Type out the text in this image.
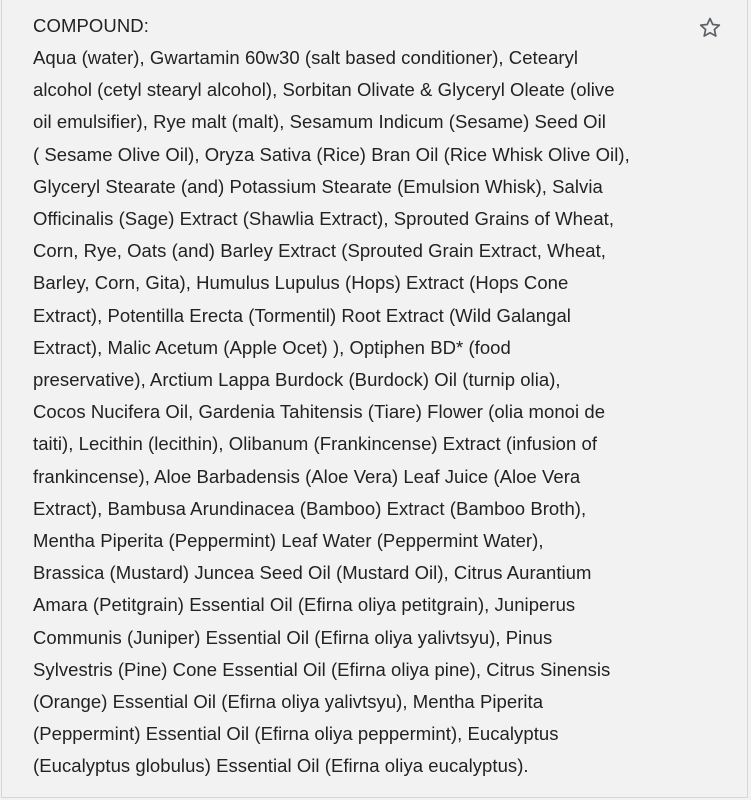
COMPOUND:

Aqua (water), Gwartamin 60w30 (salt based conditioner), Cetearyl
alcohol (cetyl stearyl alcohol), Sorbitan Olivate & Glyceryl Oleate (olive
oil emulsifier), Rye malt (malt), Sesamum Indicum (Sesame) Seed Oil
( Sesame Olive Oil), Oryza Sativa (Rice) Bran Oil (Rice Whisk Olive Oil),
Glyceryl Stearate (and) Potassium Stearate (Emulsion Whisk), Salvia
Officinalis (Sage) Extract (Shawlia Extract), Sprouted Grains of Wheat,
Corn, Rye, Oats (and) Barley Extract (Sprouted Grain Extract, Wheat,
Barley, Corn, Gita), Humulus Lupulus (Hops) Extract (Hops Cone
Extract), Potentilla Erecta (Tormentil) Root Extract (Wild Galangal
Extract), Malic Acetum (Apple Ocet) ), Optiphen BD* (food
preservative), Arctium Lappa Burdock (Burdock) Oil (turnip olia),
Cocos Nucifera Oil, Gardenia Tahitensis (Tiare) Flower (olia monoi de
taiti), Lecithin (lecithin), Olibanum (Frankincense) Extract (infusion of
frankincense), Aloe Barbadensis (Aloe Vera) Leaf Juice (Aloe Vera
Extract), Bambusa Arundinacea (Bamboo) Extract (Bamboo Broth),
Mentha Piperita (Peppermint) Leaf Water (Peppermint Water),
Brassica (Mustard) Juncea Seed Oil (Mustard Oil), Citrus Aurantium
Amara (Petitgrain) Essential Oil (Efirna oliya petitgrain), Juniperus
Communis (Juniper) Essential Oil (Efirna oliya yalivtsyu), Pinus
Sylvestris (Pine) Cone Essential Oil (Efirna oliya pine), Citrus Sinensis
(Orange) Essential Oil (Efirna oliya yalivtsyu), Mentha Piperita
(Peppermint) Essential Oil (Efirna oliya peppermint), Eucalyptus
(Eucalyptus globulus) Essential Oil (Efirna oliya eucalyptus).
